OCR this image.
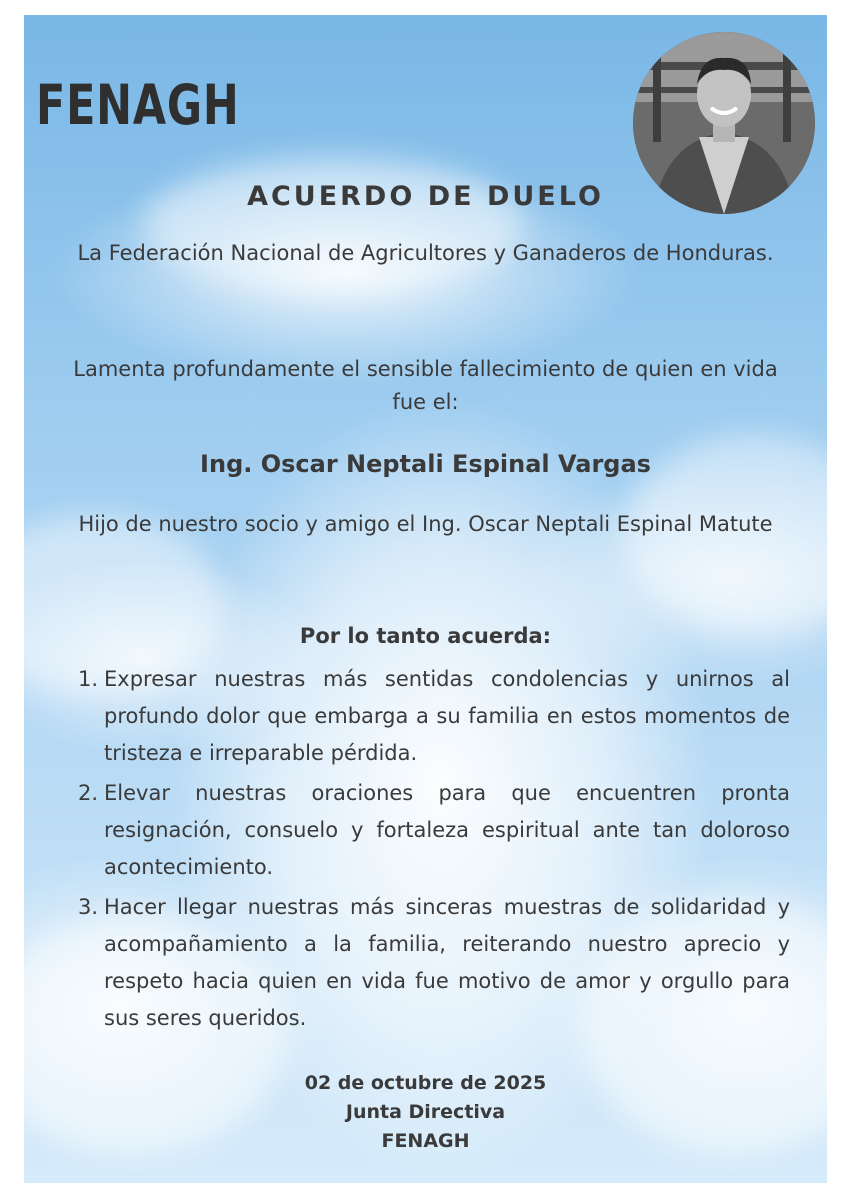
FENAGH
ACUERDO DE DUELO
La Federación Nacional de Agricultores y Ganaderos de Honduras.
Lamenta profundamente el sensible fallecimiento de quien en vida fue el:
Ing. Oscar Neptali Espinal Vargas
Hijo de nuestro socio y amigo el Ing. Oscar Neptali Espinal Matute
Por lo tanto acuerda:
1. Expresar nuestras más sentidas condolencias y unirnos al profundo dolor que embarga a su familia en estos momentos de tristeza e irreparable pérdida.
2. Elevar nuestras oraciones para que encuentren pronta resignación, consuelo y fortaleza espiritual ante tan doloroso acontecimiento.
3. Hacer llegar nuestras más sinceras muestras de solidaridad y acompañamiento a la familia, reiterando nuestro aprecio y respeto hacia quien en vida fue motivo de amor y orgullo para sus seres queridos.
02 de octubre de 2025
Junta Directiva
FENAGH
